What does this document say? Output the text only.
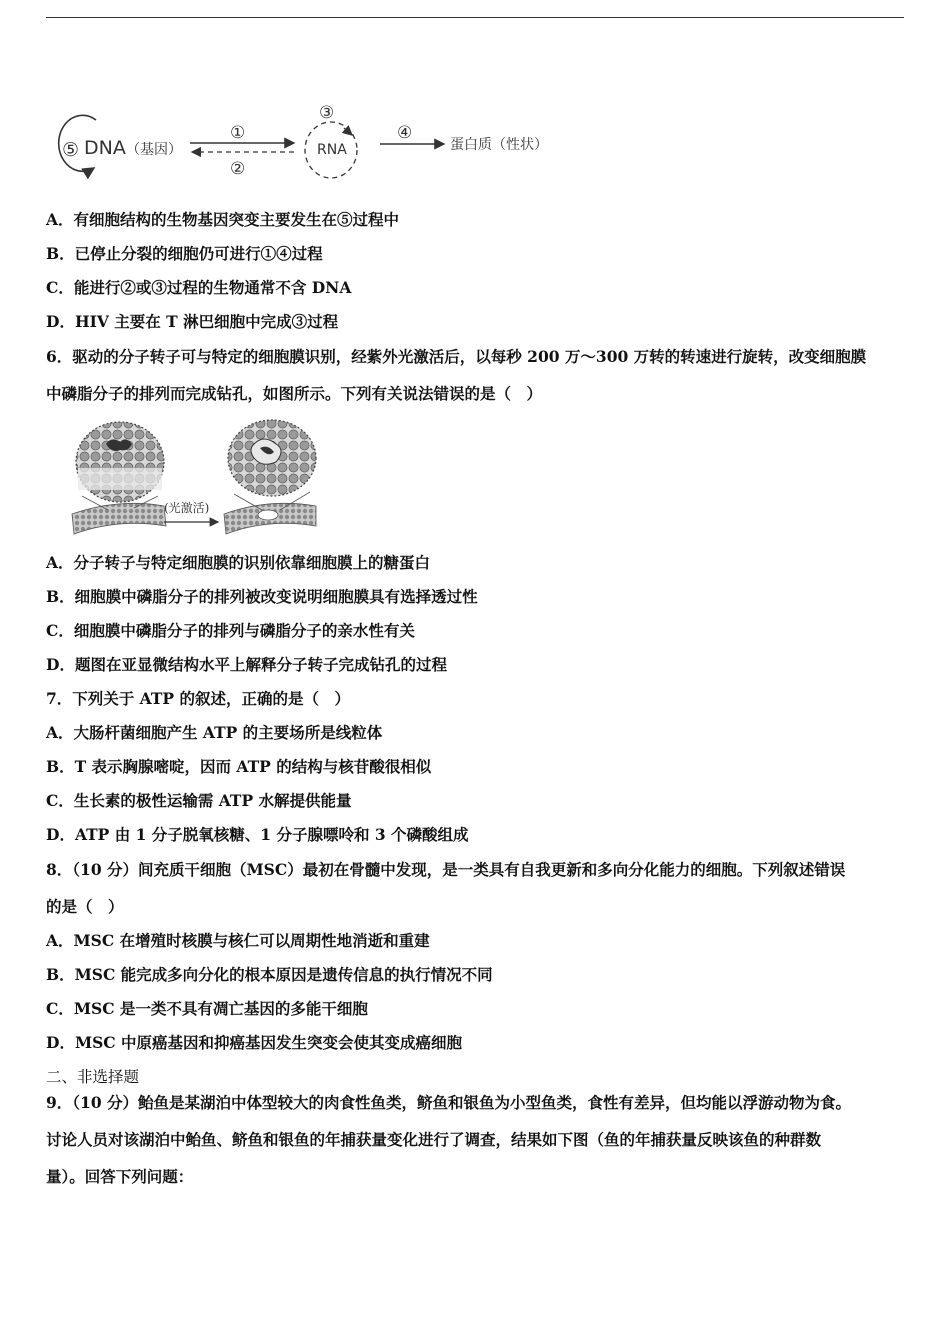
⑤ DNA （基因）
①
②
③
RNA
④
蛋白质（性状）
A．有细胞结构的生物基因突变主要发生在⑤过程中
B．已停止分裂的细胞仍可进行①④过程
C．能进行②或③过程的生物通常不含 DNA
D．HIV 主要在 T 淋巴细胞中完成③过程
6．驱动的分子转子可与特定的细胞膜识别，经紫外光激活后，以每秒 200 万～300 万转的转速进行旋转，改变细胞膜
中磷脂分子的排列而完成钻孔，如图所示。下列有关说法错误的是（　）
(光激活)
A．分子转子与特定细胞膜的识别依靠细胞膜上的糖蛋白
B．细胞膜中磷脂分子的排列被改变说明细胞膜具有选择透过性
C．细胞膜中磷脂分子的排列与磷脂分子的亲水性有关
D．题图在亚显微结构水平上解释分子转子完成钻孔的过程
7．下列关于 ATP 的叙述，正确的是（　）
A．大肠杆菌细胞产生 ATP 的主要场所是线粒体
B．T 表示胸腺嘧啶，因而 ATP 的结构与核苷酸很相似
C．生长素的极性运输需 ATP 水解提供能量
D．ATP 由 1 分子脱氧核糖、1 分子腺嘌呤和 3 个磷酸组成
8．（10 分）间充质干细胞（MSC）最初在骨髓中发现，是一类具有自我更新和多向分化能力的细胞。下列叙述错误
的是（　）
A．MSC 在增殖时核膜与核仁可以周期性地消逝和重建
B．MSC 能完成多向分化的根本原因是遗传信息的执行情况不同
C．MSC 是一类不具有凋亡基因的多能干细胞
D．MSC 中原癌基因和抑癌基因发生突变会使其变成癌细胞
二、非选择题
9．（10 分）鲐鱼是某湖泊中体型较大的肉食性鱼类，鲚鱼和银鱼为小型鱼类，食性有差异，但均能以浮游动物为食。
讨论人员对该湖泊中鲐鱼、鲚鱼和银鱼的年捕获量变化进行了调查，结果如下图（鱼的年捕获量反映该鱼的种群数
量）。回答下列问题：
